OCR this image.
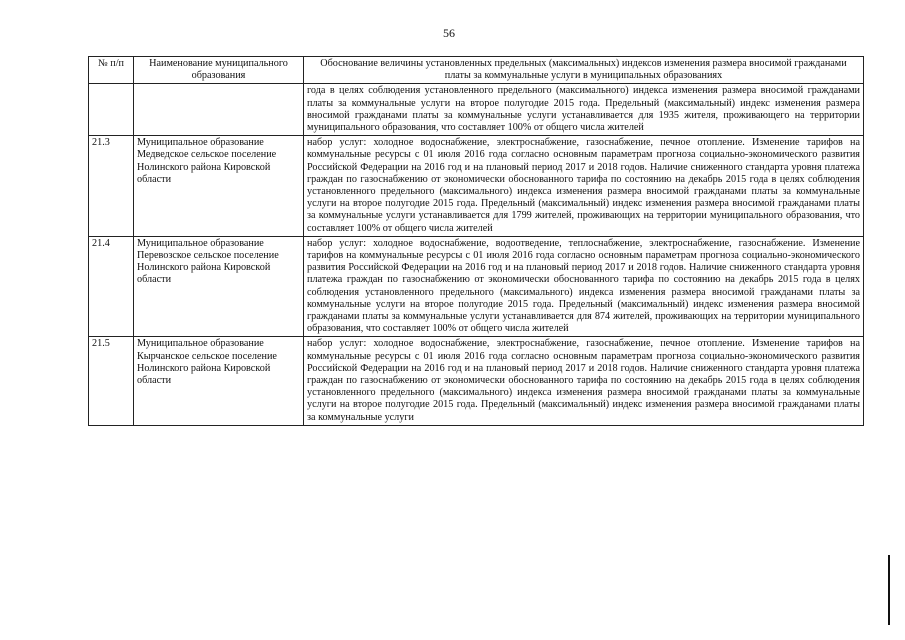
56
№ п/п	Наименование муниципального образования	Обоснование величины установленных предельных (максимальных) индексов изменения размера вносимой гражданами платы за коммунальные услуги в муниципальных образованиях
		года в целях соблюдения установленного предельного (максимального) индекса изменения размера вносимой гражданами платы за коммунальные услуги на второе полугодие 2015 года. Предельный (максимальный) индекс изменения размера вносимой гражданами платы за коммунальные услуги устанавливается для 1935 жителя, проживающего на территории муниципального образования, что составляет 100% от общего числа жителей
21.3	Муниципальное образование Медведское сельское поселение Нолинского района Кировской области	набор услуг: холодное водоснабжение, электроснабжение, газоснабжение, печное отопление. Изменение тарифов на коммунальные ресурсы с 01 июля 2016 года согласно основным параметрам прогноза социально-экономического развития Российской Федерации на 2016 год и на плановый период 2017 и 2018 годов. Наличие сниженного стандарта уровня платежа граждан по газоснабжению от экономически обоснованного тарифа по состоянию на декабрь 2015 года в целях соблюдения установленного предельного (максимального) индекса изменения размера вносимой гражданами платы за коммунальные услуги на второе полугодие 2015 года. Предельный (максимальный) индекс изменения размера вносимой гражданами платы за коммунальные услуги устанавливается для 1799 жителей, проживающих на территории муниципального образования, что составляет 100% от общего числа жителей
21.4	Муниципальное образование Перевозское сельское поселение Нолинского района Кировской области	набор услуг: холодное водоснабжение, водоотведение, теплоснабжение, электроснабжение, газоснабжение. Изменение тарифов на коммунальные ресурсы с 01 июля 2016 года согласно основным параметрам прогноза социально-экономического развития Российской Федерации на 2016 год и на плановый период 2017 и 2018 годов. Наличие сниженного стандарта уровня платежа граждан по газоснабжению от экономически обоснованного тарифа по состоянию на декабрь 2015 года в целях соблюдения установленного предельного (максимального) индекса изменения размера вносимой гражданами платы за коммунальные услуги на второе полугодие 2015 года. Предельный (максимальный) индекс изменения размера вносимой гражданами платы за коммунальные услуги устанавливается для 874 жителей, проживающих на территории муниципального образования, что составляет 100% от общего числа жителей
21.5	Муниципальное образование Кырчанское сельское поселение Нолинского района Кировской области	набор услуг: холодное водоснабжение, электроснабжение, газоснабжение, печное отопление. Изменение тарифов на коммунальные ресурсы с 01 июля 2016 года согласно основным параметрам прогноза социально-экономического развития Российской Федерации на 2016 год и на плановый период 2017 и 2018 годов. Наличие сниженного стандарта уровня платежа граждан по газоснабжению от экономически обоснованного тарифа по состоянию на декабрь 2015 года в целях соблюдения установленного предельного (максимального) индекса изменения размера вносимой гражданами платы за коммунальные услуги на второе полугодие 2015 года. Предельный (максимальный) индекс изменения размера вносимой гражданами платы за коммунальные услуги
